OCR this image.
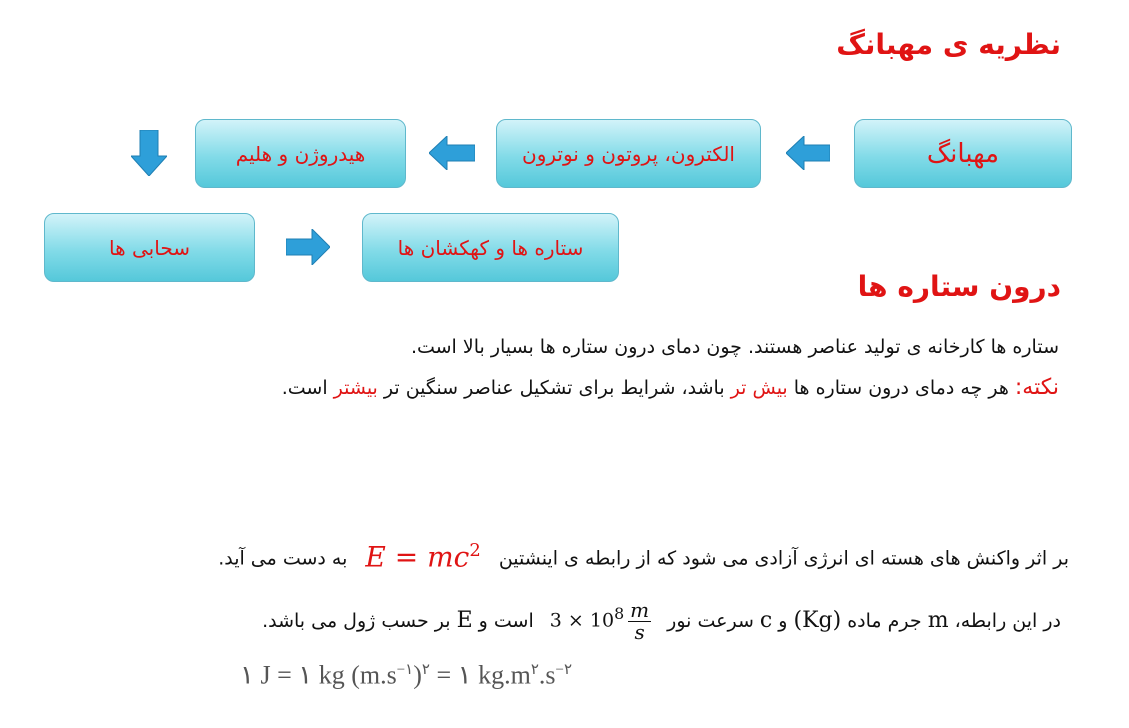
نظریه ی مهبانگ
مهبانگ
الکترون، پروتون و نوترون
هیدروژن و هلیم
سحابی ها	ستاره ها و کهکشان ها
درون ستاره ها
ستاره ها کارخانه ی تولید عناصر هستند. چون دمای درون ستاره ها بسیار بالا است.
نکته: هر چه دمای درون ستاره ها بیش تر باشد، شرایط برای تشکیل عناصر سنگین تر بیشتر است.
بر اثر واکنش های هسته ای انرژی آزادی می شود که از رابطه ی اینشتینE = $mc^2به$ دست می آید.
در این رابطه، m جرم ماده (Kg) و c سرعت نور $3 \times 10^8 \frac{m}{s}$
است و E بر حسب ژول می باشد.
۱ J = ۱ kg $(m.s^{-۱})^۲$ = ۱ $kg.m^۲.s^{-۲}$
